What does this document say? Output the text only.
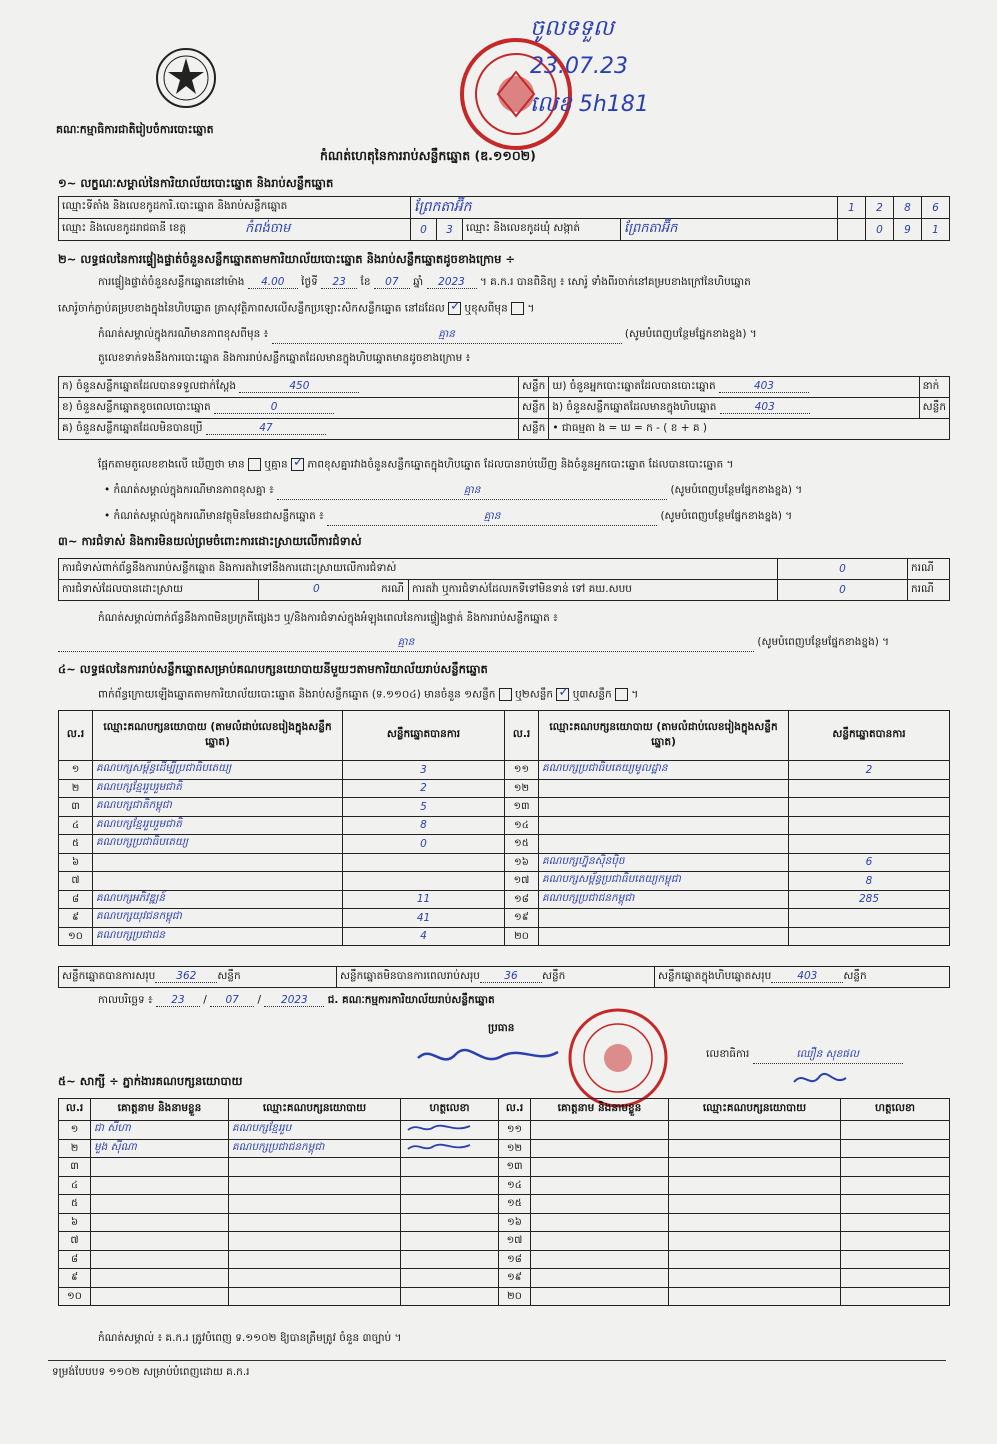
គណៈកម្មាធិការជាតិរៀបចំការបោះឆ្នោត
ចូលទទួល
23.07.23
លេខ 5h181
កំណត់ហេតុនៃការរាប់សន្លឹកឆ្នោត (ឌ.១១០២)
១~ លក្ខណៈសម្គាល់នៃការិយាល័យបោះឆ្នោត និងរាប់សន្លឹកឆ្នោត
ឈ្មោះទីតាំង និងលេខកូដការិ.បោះឆ្នោត និងរាប់សន្លឹកឆ្នោត	ព្រែកតាអ៊ឹក				1	2	8	6

ឈ្មោះ និងលេខកូដរាជធានី ខេត្ត កំពង់ចាម	0	3	ឈ្មោះ និងលេខកូដឃុំ សង្កាត់	ព្រែកតាអ៊ឹក		0	9	1
២~ លទ្ធផលនៃការផ្ទៀងផ្ទាត់ចំនួនសន្លឹកឆ្នោតតាមការិយាល័យបោះឆ្នោត និងរាប់សន្លឹកឆ្នោតដូចខាងក្រោម ÷
ការផ្ទៀងផ្ទាត់ចំនួនសន្លឹកឆ្នោតនៅម៉ោង 4.00 ថ្ងៃទី 23 ខែ 07 ឆ្នាំ 2023 ។ គ.ក.រ បានពិនិត្យ ៖ សោរ៉ូ ទាំងពីរចាក់នៅគម្របខាងក្រៅនៃហិបឆ្នោត
សោរ៉ូចាក់ភ្ជាប់គម្របខាងក្នុងនៃហិបឆ្នោត ត្រាសុវត្ថិភាពសលើសន្លឹកប្រឡោះសិកសន្លឹកឆ្នោត នៅដដែល ✓ ឬខុសពីមុន  ។
កំណត់សម្គាល់ក្នុងករណីមានភាពខុសពីមុន ៖	គ្មាន	(សូមបំពេញបន្ថែមផ្នែកខាងខ្នង) ។
តួលេខទាក់ទងនឹងការបោះឆ្នោត និងការរាប់សន្លឹកឆ្នោតដែលមានក្នុងហិបឆ្នោតមានដូចខាងក្រោម ៖
ក) ចំនួនសន្លឹកឆ្នោតដែលបានទទួលជាក់ស្តែង 450	សន្លឹក	ឃ) ចំនួនអ្នកបោះឆ្នោតដែលបានបោះឆ្នោត 403	នាក់
ខ) ចំនួនសន្លឹកឆ្នោតខូចពេលបោះឆ្នោត 0	សន្លឹក	ង) ចំនួនសន្លឹកឆ្នោតដែលមានក្នុងហិបឆ្នោត 403	សន្លឹក
គ) ចំនួនសន្លឹកឆ្នោតដែលមិនបានប្រើ 47	សន្លឹក	• ជាធម្មតា ង = ឃ = ក - ( ខ + គ )	
ផ្អែកតាមតួលេខខាងលើ ឃើញថា មាន ឬគ្មាន ✓ ភាពខុសគ្នារវាងចំនួនសន្លឹកឆ្នោតក្នុងហិបឆ្នោត ដែលបានរាប់ឃើញ និងចំនួនអ្នកបោះឆ្នោត ដែលបានបោះឆ្នោត ។
• កំណត់សម្គាល់ក្នុងករណីមានភាពខុសគ្នា ៖	គ្មាន	(សូមបំពេញបន្ថែមផ្នែកខាងខ្នង) ។
• កំណត់សម្គាល់ក្នុងករណីមានវត្ថុមិនមែនជាសន្លឹកឆ្នោត ៖	គ្មាន	(សូមបំពេញបន្ថែមផ្នែកខាងខ្នង) ។
៣~ ការជំទាស់ និងការមិនយល់ព្រមចំពោះការដោះស្រាយលើការជំទាស់
ការជំទាស់ពាក់ព័ន្ធនឹងការរាប់សន្លឹកឆ្នោត និងការតវ៉ាទៅនឹងការដោះស្រាយលើការជំទាស់			0	ករណី
ការជំទាស់ដែលបានដោះស្រាយ	0 ករណី	ការតវ៉ា ឬការជំទាស់ដែលរកទីទៅមិនទាន់ ទៅ គឃ.សបប	0	ករណី
កំណត់សម្គាល់ពាក់ព័ន្ធនឹងភាពមិនប្រក្រតីផ្សេងៗ ឬ/និងការជំទាស់ក្នុងអំឡុងពេលនៃការផ្ទៀងផ្ទាត់ និងការរាប់សន្លឹកឆ្នោត ៖
គ្មាន	(សូមបំពេញបន្ថែមផ្នែកខាងខ្នង) ។
៤~ លទ្ធផលនៃការរាប់សន្លឹកឆ្នោតសម្រាប់គណបក្សនយោបាយនីមួយៗតាមការិយាល័យរាប់សន្លឹកឆ្នោត
ពាក់ព័ន្ធក្រោយឡើងឆ្នោតតាមការិយាល័យបោះឆ្នោត និងរាប់សន្លឹកឆ្នោត (ទ.១១០៤) មានចំនួន ១សន្លឹក ឬ២សន្លឹក ✓ ឬ៣សន្លឹក  ។
ល.រ	ឈ្មោះគណបក្សនយោបាយ (តាមលំដាប់លេខរៀងក្នុងសន្លឹកឆ្នោត)	សន្លឹកឆ្នោតបានការ	ល.រ	ឈ្មោះគណបក្សនយោបាយ (តាមលំដាប់លេខរៀងក្នុងសន្លឹកឆ្នោត)	សន្លឹកឆ្នោតបានការ
១	គណបក្សសម្ព័ន្ធដើម្បីប្រជាធិបតេយ្យ	3	១១	គណបក្សប្រជាធិបតេយ្យមូលដ្ឋាន	2
២	គណបក្សខ្មែររួបរួមជាតិ	2	១២		
៣	គណបក្សជាតិកម្ពុជា	5	១៣		
៤	គណបក្សខ្មែររួបរួមជាតិ	8	១៤		
៥	គណបក្សប្រជាធិបតេយ្យ	0	១៥		
៦			១៦	គណបក្សហ្វ៊ុនស៊ិនប៉ិច	6
៧			១៧	គណបក្សសម្ព័ន្ធប្រជាធិបតេយ្យកម្ពុជា	8
៨	គណបក្សអភិវឌ្ឍន៍	11	១៨	គណបក្សប្រជាជនកម្ពុជា	285
៩	គណបក្សយុវជនកម្ពុជា	41	១៩		
១០	គណបក្សប្រជាជន	4	២០		
សន្លឹកឆ្នោតបានការសរុប 362 សន្លឹក	សន្លឹកឆ្នោតមិនបានការពេលរាប់សរុប 36 សន្លឹក	សន្លឹកឆ្នោតក្នុងហិបឆ្នោតសរុប 403 សន្លឹក
កាលបរិច្ឆេទ ៖ 23 / 07 / 2023 ជ. គណៈកម្មការការិយាល័យរាប់សន្លឹកឆ្នោត
ប្រធាន
លេខាធិការ	ឈឿន សុខផល
៥~ សាក្សី ÷ ភ្នាក់ងារគណបក្សនយោបាយ
ល.រ	គោត្តនាម និងនាមខ្លួន	ឈ្មោះគណបក្សនយោបាយ	ហត្ថលេខា	ល.រ	គោត្តនាម និងនាមខ្លួន	ឈ្មោះគណបក្សនយោបាយ	ហត្ថលេខា
១	ជា សីហា	គណបក្សខ្មែររួប		១១			
២	មួង ស៊ីណា	គណបក្សប្រជាជនកម្ពុជា		១២			
៣				១៣			
៤				១៤			
៥				១៥			
៦				១៦			
៧				១៧			
៨				១៨			
៩				១៩			
១០				២០			
កំណត់សម្គាល់ ៖ គ.ក.រ ត្រូវបំពេញ ទ.១១០២ ឱ្យបានត្រឹមត្រូវ ចំនួន ៣ច្បាប់ ។
ទម្រង់បែបបទ ១១០២ សម្រាប់បំពេញដោយ គ.ក.រ
